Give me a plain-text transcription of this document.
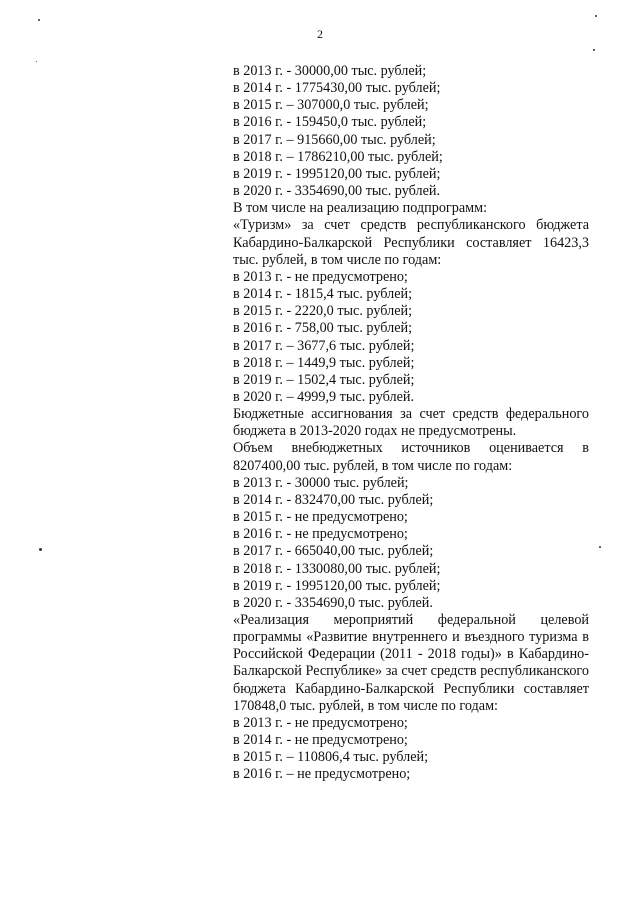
2
в 2013 г. - 30000,00 тыс. рублей;
в 2014 г. - 1775430,00 тыс. рублей;
в 2015 г. – 307000,0 тыс. рублей;
в 2016 г. - 159450,0 тыс. рублей;
в 2017 г. – 915660,00 тыс. рублей;
в 2018 г. – 1786210,00 тыс. рублей;
в 2019 г. - 1995120,00 тыс. рублей;
в 2020 г. - 3354690,00 тыс. рублей.
В том числе на реализацию подпрограмм:
«Туризм» за счет средств республиканского бюджета Кабардино-Балкарской Республики составляет 16423,3 тыс. рублей, в том числе по годам:
в 2013 г. - не предусмотрено;
в 2014 г. - 1815,4 тыс. рублей;
в 2015 г. - 2220,0 тыс. рублей;
в 2016 г. - 758,00 тыс. рублей;
в 2017 г. – 3677,6 тыс. рублей;
в 2018 г. – 1449,9 тыс. рублей;
в 2019 г. – 1502,4 тыс. рублей;
в 2020 г. – 4999,9 тыс. рублей.
Бюджетные ассигнования за счет средств федерального бюджета в 2013-2020 годах не предусмотрены.
Объем внебюджетных источников оценивается в 8207400,00 тыс. рублей, в том числе по годам:
в 2013 г. - 30000 тыс. рублей;
в 2014 г. - 832470,00 тыс. рублей;
в 2015 г. - не предусмотрено;
в 2016 г. - не предусмотрено;
в 2017 г. - 665040,00 тыс. рублей;
в 2018 г. - 1330080,00 тыс. рублей;
в 2019 г. - 1995120,00 тыс. рублей;
в 2020 г. - 3354690,0 тыс. рублей.
«Реализация мероприятий федеральной целевой программы «Развитие внутреннего и въездного туризма в Российской Федерации (2011 - 2018 годы)» в Кабардино-Балкарской Республике» за счет средств республиканского бюджета Кабардино-Балкарской Республики составляет 170848,0 тыс. рублей, в том числе по годам:
в 2013 г. - не предусмотрено;
в 2014 г. - не предусмотрено;
в 2015 г. – 110806,4 тыс. рублей;
в 2016 г. – не предусмотрено;
